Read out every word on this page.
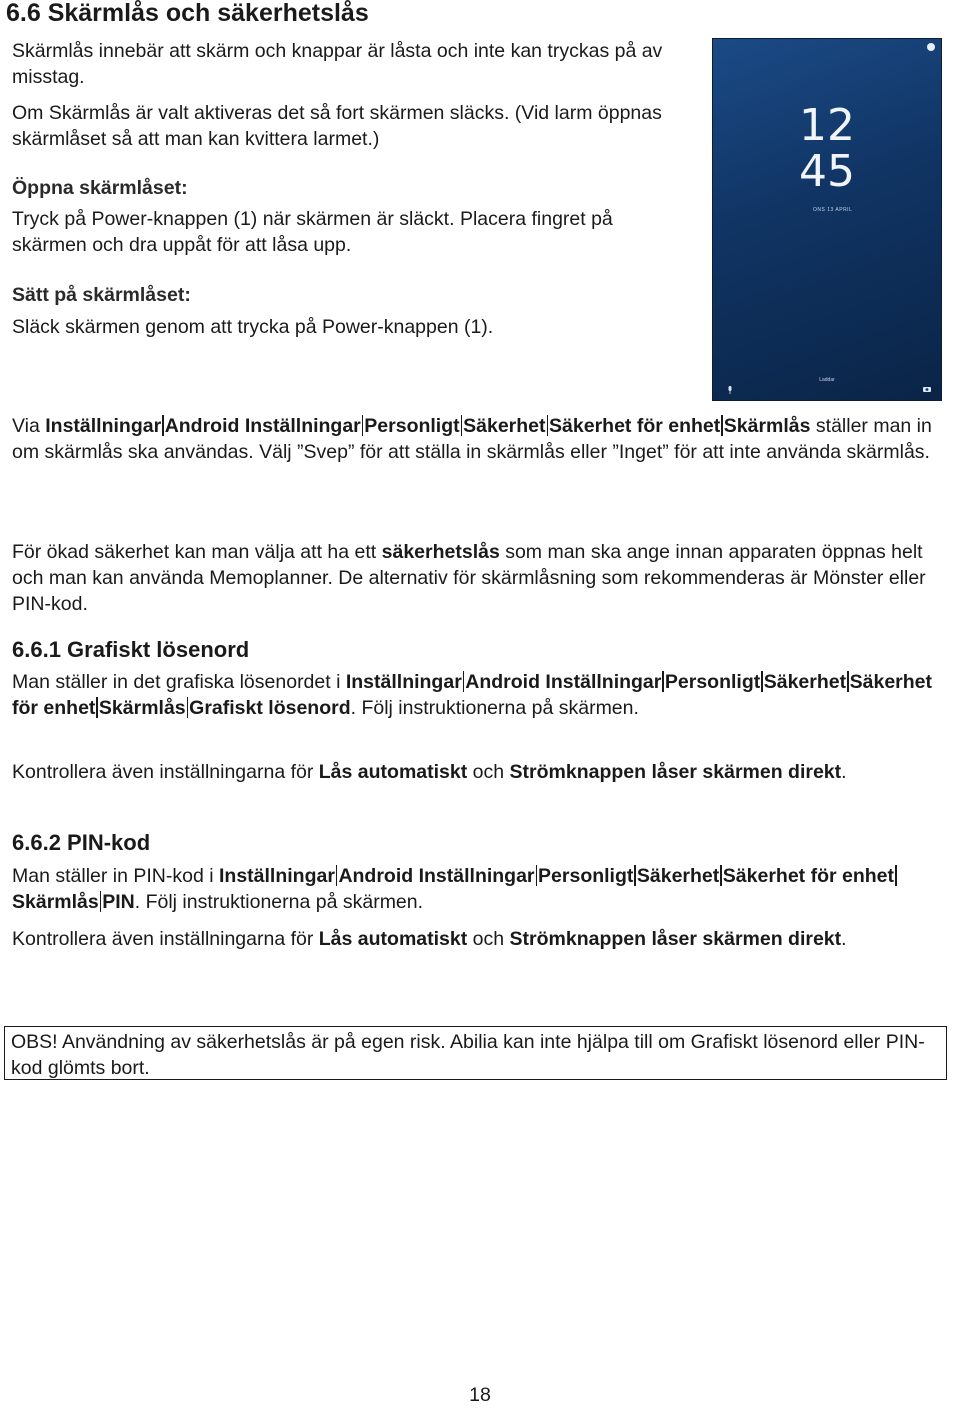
6.6 Skärmlås och säkerhetslås

Skärmlås innebär att skärm och knappar är låsta och inte kan tryckas på av misstag.

Om Skärmlås är valt aktiveras det så fort skärmen släcks. (Vid larm öppnas skärmlåset så att man kan kvittera larmet.)

Öppna skärmlåset:

Tryck på Power-knappen (1) när skärmen är släckt. Placera fingret på skärmen och dra uppåt för att låsa upp.

Sätt på skärmlåset:

Släck skärmen genom att trycka på Power-knappen (1).

12
45
ONS 13 APRIL
Laddar

Via Inställningar Android Inställningar Personligt Säkerhet Säkerhet för enhet Skärmlås ställer man in om skärmlås ska användas. Välj ”Svep” för att ställa in skärmlås eller ”Inget” för att inte använda skärmlås.

För ökad säkerhet kan man välja att ha ett säkerhetslås som man ska ange innan apparaten öppnas helt och man kan använda Memoplanner. De alternativ för skärmlåsning som rekommenderas är Mönster eller PIN-kod.

6.6.1 Grafiskt lösenord

Man ställer in det grafiska lösenordet i Inställningar Android Inställningar Personligt Säkerhet Säkerhet för enhet Skärmlås Grafiskt lösenord. Följ instruktionerna på skärmen.

Kontrollera även inställningarna för Lås automatiskt och Strömknappen låser skärmen direkt.

6.6.2 PIN-kod

Man ställer in PIN-kod i Inställningar Android Inställningar Personligt Säkerhet Säkerhet för enhetSkärmlås PIN. Följ instruktionerna på skärmen.

Kontrollera även inställningarna för Lås automatiskt och Strömknappen låser skärmen direkt.

OBS! Användning av säkerhetslås är på egen risk. Abilia kan inte hjälpa till om Grafiskt lösenord eller PIN-kod glömts bort.

18
